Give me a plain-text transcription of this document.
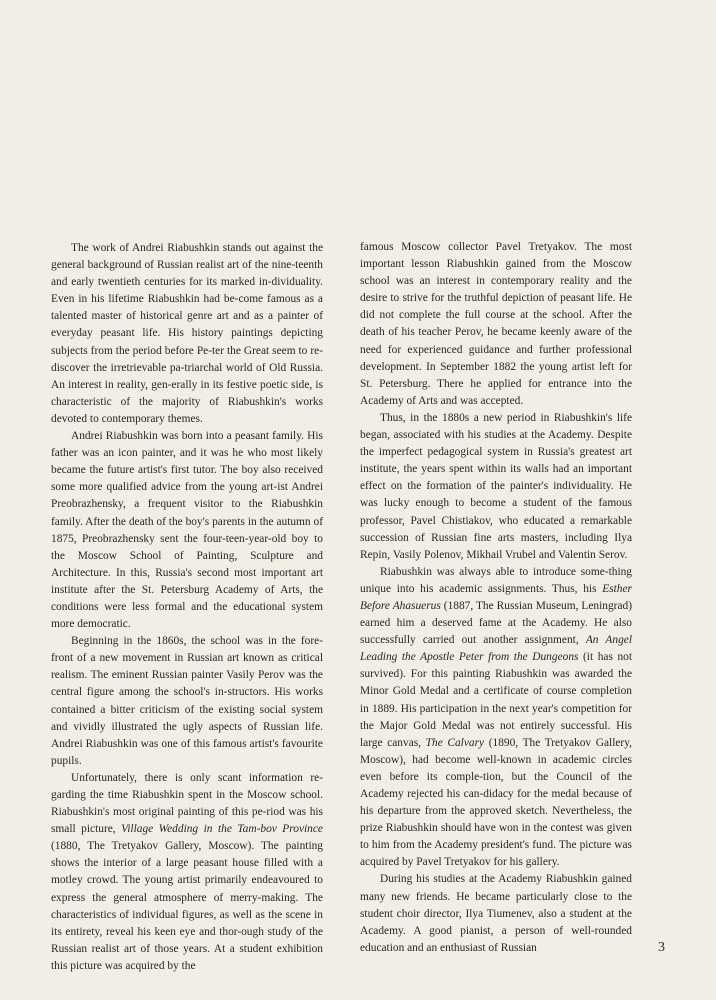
The work of Andrei Riabushkin stands out against the general background of Russian realist art of the nine-teenth and early twentieth centuries for its marked in-dividuality. Even in his lifetime Riabushkin had be-come famous as a talented master of historical genre art and as a painter of everyday peasant life. His history paintings depicting subjects from the period before Pe-ter the Great seem to re-discover the irretrievable pa-triarchal world of Old Russia. An interest in reality, gen-erally in its festive poetic side, is characteristic of the majority of Riabushkin's works devoted to contemporary themes.

Andrei Riabushkin was born into a peasant family. His father was an icon painter, and it was he who most likely became the future artist's first tutor. The boy also received some more qualified advice from the young art-ist Andrei Preobrazhensky, a frequent visitor to the Riabushkin family. After the death of the boy's parents in the autumn of 1875, Preobrazhensky sent the four-teen-year-old boy to the Moscow School of Painting, Sculpture and Architecture. In this, Russia's second most important art institute after the St. Petersburg Academy of Arts, the conditions were less formal and the educational system more democratic.

Beginning in the 1860s, the school was in the fore-front of a new movement in Russian art known as critical realism. The eminent Russian painter Vasily Perov was the central figure among the school's in-structors. His works contained a bitter criticism of the existing social system and vividly illustrated the ugly aspects of Russian life. Andrei Riabushkin was one of this famous artist's favourite pupils.

Unfortunately, there is only scant information re-garding the time Riabushkin spent in the Moscow school. Riabushkin's most original painting of this pe-riod was his small picture, Village Wedding in the Tam-bov Province (1880, The Tretyakov Gallery, Moscow). The painting shows the interior of a large peasant house filled with a motley crowd. The young artist primarily endeavoured to express the general atmosphere of merry-making. The characteristics of individual figures, as well as the scene in its entirety, reveal his keen eye and thor-ough study of the Russian realist art of those years. At a student exhibition this picture was acquired by the

famous Moscow collector Pavel Tretyakov. The most important lesson Riabushkin gained from the Moscow school was an interest in contemporary reality and the desire to strive for the truthful depiction of peasant life. He did not complete the full course at the school. After the death of his teacher Perov, he became keenly aware of the need for experienced guidance and further professional development. In September 1882 the young artist left for St. Petersburg. There he applied for entrance into the Academy of Arts and was accepted.

Thus, in the 1880s a new period in Riabushkin's life began, associated with his studies at the Academy. Despite the imperfect pedagogical system in Russia's greatest art institute, the years spent within its walls had an important effect on the formation of the painter's individuality. He was lucky enough to become a student of the famous professor, Pavel Chistiakov, who educated a remarkable succession of Russian fine arts masters, including Ilya Repin, Vasily Polenov, Mikhail Vrubel and Valentin Serov.

Riabushkin was always able to introduce some-thing unique into his academic assignments. Thus, his Esther Before Ahasuerus (1887, The Russian Museum, Leningrad) earned him a deserved fame at the Academy. He also successfully carried out another assignment, An Angel Leading the Apostle Peter from the Dungeons (it has not survived). For this painting Riabushkin was awarded the Minor Gold Medal and a certificate of course completion in 1889. His participation in the next year's competition for the Major Gold Medal was not entirely successful. His large canvas, The Calvary (1890, The Tretyakov Gallery, Moscow), had become well-known in academic circles even before its comple-tion, but the Council of the Academy rejected his can-didacy for the medal because of his departure from the approved sketch. Nevertheless, the prize Riabushkin should have won in the contest was given to him from the Academy president's fund. The picture was acquired by Pavel Tretyakov for his gallery.

During his studies at the Academy Riabushkin gained many new friends. He became particularly close to the student choir director, Ilya Tiumenev, also a student at the Academy. A good pianist, a person of well-rounded education and an enthusiast of Russian	3
